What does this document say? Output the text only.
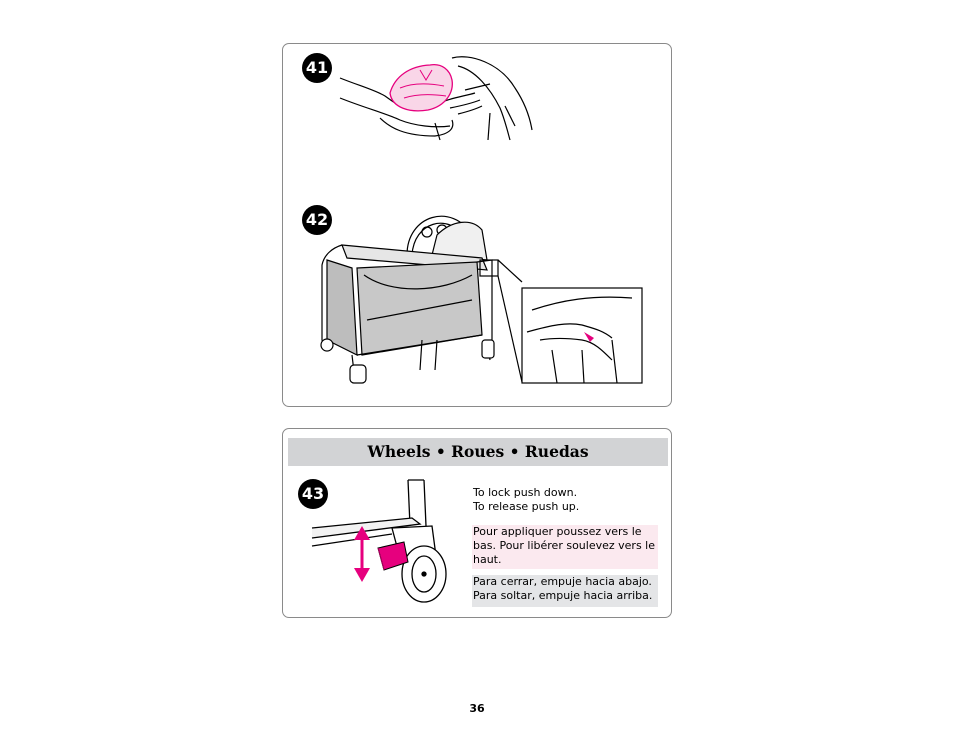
41
42
Wheels • Roues • Ruedas
43	To lock push down.
To release push up.
Pour appliquer poussez vers le bas. Pour libérer soulevez vers le haut.
Para cerrar, empuje hacia abajo. Para soltar, empuje hacia arriba.
36
